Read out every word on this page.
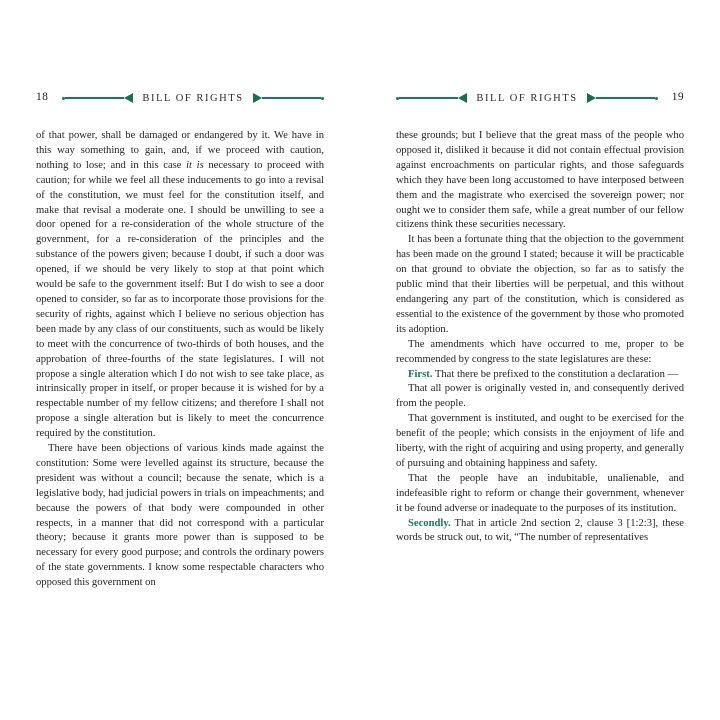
18	BILL OF RIGHTS

of that power, shall be damaged or endangered by it. We have in this way something to gain, and, if we proceed with caution, nothing to lose; and in this case it is necessary to proceed with caution; for while we feel all these inducements to go into a revisal of the constitution, we must feel for the constitution itself, and make that revisal a moderate one. I should be unwilling to see a door opened for a re-consideration of the whole structure of the government, for a re-consideration of the principles and the substance of the powers given; because I doubt, if such a door was opened, if we should be very likely to stop at that point which would be safe to the government itself: But I do wish to see a door opened to consider, so far as to incorporate those provisions for the security of rights, against which I believe no serious objection has been made by any class of our constituents, such as would be likely to meet with the concurrence of two-thirds of both houses, and the approbation of three-fourths of the state legislatures. I will not propose a single alteration which I do not wish to see take place, as intrinsically proper in itself, or proper because it is wished for by a respectable number of my fellow citizens; and therefore I shall not propose a single alteration but is likely to meet the concurrence required by the constitution.

There have been objections of various kinds made against the constitution: Some were levelled against its structure, because the president was without a council; because the senate, which is a legislative body, had judicial powers in trials on impeachments; and because the powers of that body were compounded in other respects, in a manner that did not correspond with a particular theory; because it grants more power than is supposed to be necessary for every good purpose; and controls the ordinary powers of the state governments. I know some respectable characters who opposed this government on

BILL OF RIGHTS	19

these grounds; but I believe that the great mass of the people who opposed it, disliked it because it did not contain effectual provision against encroachments on particular rights, and those safeguards which they have been long accustomed to have interposed between them and the magistrate who exercised the sovereign power; nor ought we to consider them safe, while a great number of our fellow citizens think these securities necessary.

It has been a fortunate thing that the objection to the government has been made on the ground I stated; because it will be practicable on that ground to obviate the objection, so far as to satisfy the public mind that their liberties will be perpetual, and this without endangering any part of the constitution, which is considered as essential to the existence of the government by those who promoted its adoption.

The amendments which have occurred to me, proper to be recommended by congress to the state legislatures are these:

First. That there be prefixed to the constitution a declaration —

That all power is originally vested in, and consequently derived from the people.

That government is instituted, and ought to be exercised for the benefit of the people; which consists in the enjoyment of life and liberty, with the right of acquiring and using property, and generally of pursuing and obtaining happiness and safety.

That the people have an indubitable, unalienable, and indefeasible right to reform or change their government, whenever it be found adverse or inadequate to the purposes of its institution.

Secondly. That in article 2nd section 2, clause 3 [1:2:3], these words be struck out, to wit, “The number of representatives
